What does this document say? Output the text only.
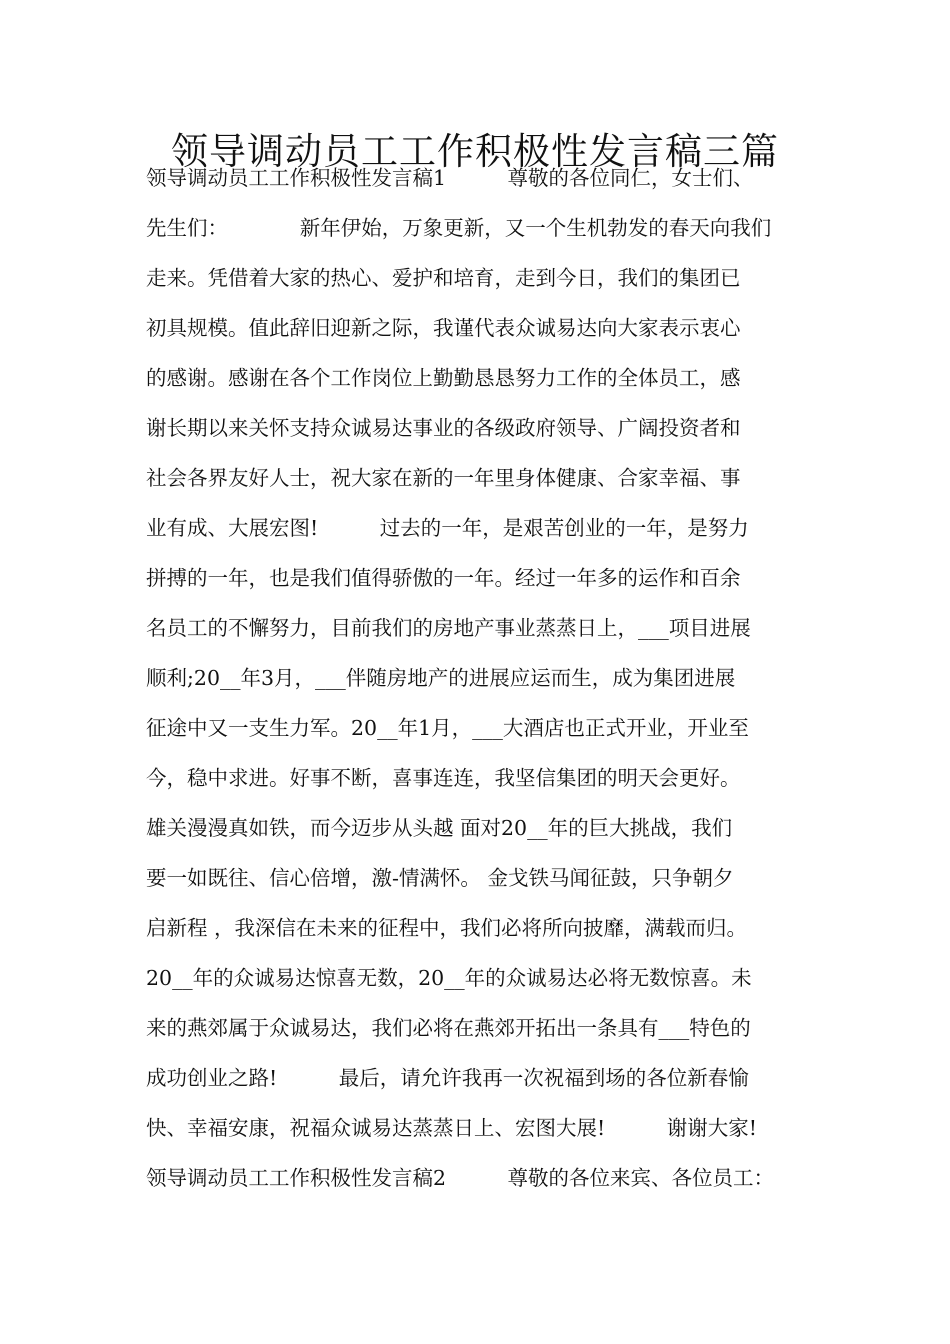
领导调动员工工作积极性发言稿三篇
领导调动员工工作积极性发言稿1　　　尊敬的各位同仁，女士们、
先生们：　　　　新年伊始，万象更新，又一个生机勃发的春天向我们
走来。凭借着大家的热心、爱护和培育，走到今日，我们的集团已
初具规模。值此辞旧迎新之际，我谨代表众诚易达向大家表示衷心
的感谢。感谢在各个工作岗位上勤勤恳恳努力工作的全体员工，感
谢长期以来关怀支持众诚易达事业的各级政府领导、广阔投资者和
社会各界友好人士，祝大家在新的一年里身体健康、合家幸福、事
业有成、大展宏图!　　　过去的一年，是艰苦创业的一年，是努力
拼搏的一年，也是我们值得骄傲的一年。经过一年多的运作和百余
名员工的不懈努力，目前我们的房地产事业蒸蒸日上，___项目进展
顺利;20__年3月，___伴随房地产的进展应运而生，成为集团进展
征途中又一支生力军。20__年1月，___大酒店也正式开业，开业至
今，稳中求进。好事不断，喜事连连，我坚信集团的明天会更好。
雄关漫漫真如铁，而今迈步从头越 面对20__年的巨大挑战，我们
要一如既往、信心倍增，激-情满怀。 金戈铁马闻征鼓，只争朝夕
启新程 ，我深信在未来的征程中，我们必将所向披靡，满载而归。
20__年的众诚易达惊喜无数，20__年的众诚易达必将无数惊喜。未
来的燕郊属于众诚易达，我们必将在燕郊开拓出一条具有___特色的
成功创业之路!　　　最后，请允许我再一次祝福到场的各位新春愉
快、幸福安康，祝福众诚易达蒸蒸日上、宏图大展!　　　谢谢大家!
领导调动员工工作积极性发言稿2　　　尊敬的各位来宾、各位员工：
